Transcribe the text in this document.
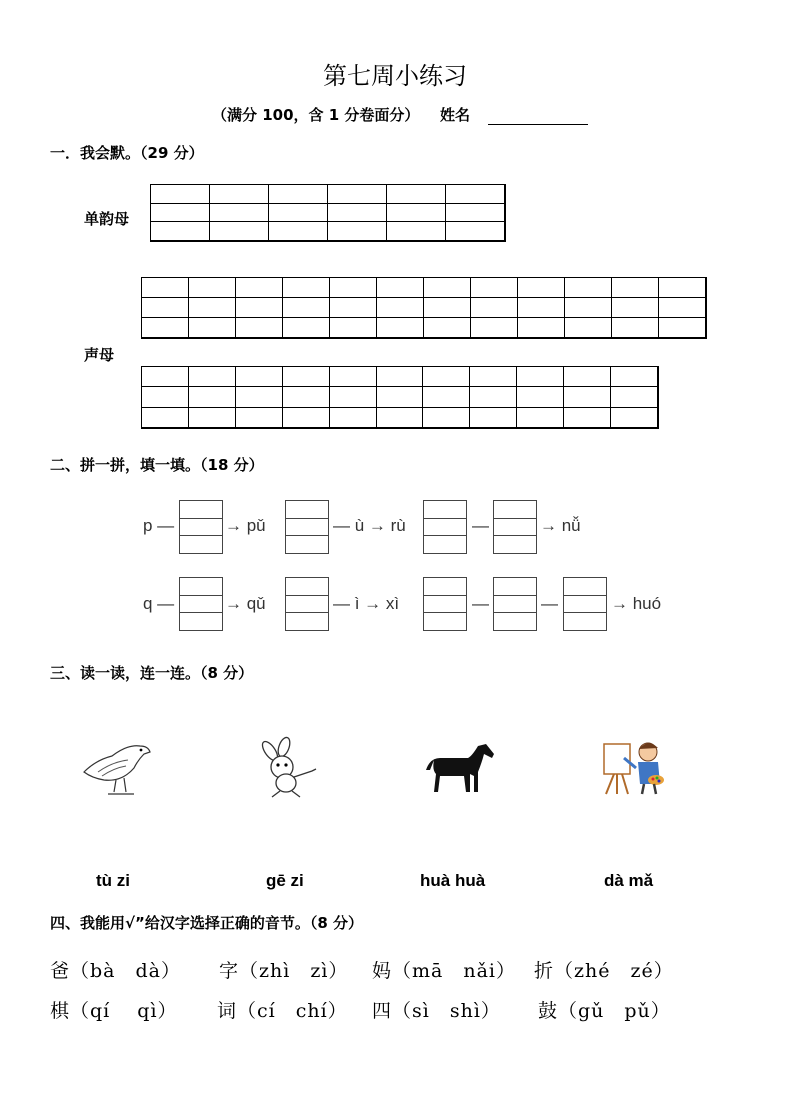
第七周小练习
（满分 100，含 1 分卷面分） 姓名
一．我会默。（29 分）
单韵母
声母
二、拼一拼，填一填。（18 分）
p —	→ pǔ	— ù → rù	—	→ nǚ
q —	→ qǔ	— ì → xì	—	—	→ huó
三、读一读，连一连。（8 分）
tù zi	gē zi	huà huà	dà mǎ
四、我能用√”给汉字选择正确的音节。（8 分）
爸（bà　dà） 字（zhì　zì） 妈（mā　nǎi） 折（zhé　zé）
棋（qí　 qì） 词（cí　chí） 四（sì　shì） 鼓（gǔ　pǔ）
